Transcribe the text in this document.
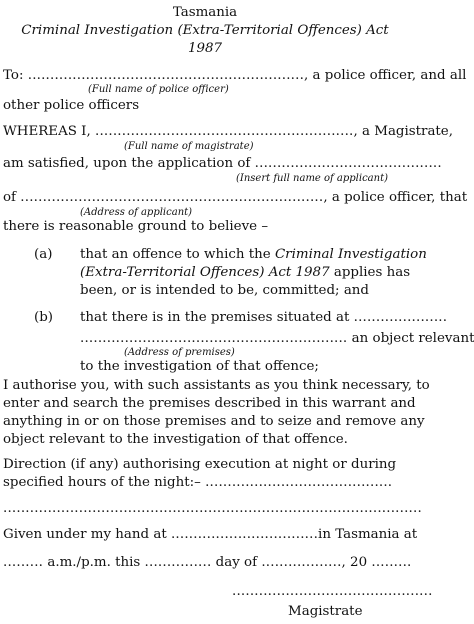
Tasmania
Criminal Investigation (Extra-Territorial Offences) Act
1987
To: .............................................................., a police officer, and all
(Full name of police officer)
other police officers
WHEREAS I, .........................................................., a Magistrate,
(Full name of magistrate)
am satisfied, upon the application of ..........................................
(Insert full name of applicant)
of ...................................................................., a police officer, that
(Address of applicant)
there is reasonable ground to believe –
(a) that an offence to which the Criminal Investigation
(Extra-Territorial Offences) Act 1987 applies has
been, or is intended to be, committed; and
(b) that there is in the premises situated at .....................
............................................................ an object relevant
(Address of premises)
to the investigation of that offence;
I authorise you, with such assistants as you think necessary, to
enter and search the premises described in this warrant and
anything in or on those premises and to seize and remove any
object relevant to the investigation of that offence.
Direction (if any) authorising execution at night or during
specified hours of the night:– ..........................................
..............................................................................................
Given under my hand at .................................in Tasmania at
......... a.m./p.m. this ............... day of .................., 20 .........
.............................................
Magistrate
